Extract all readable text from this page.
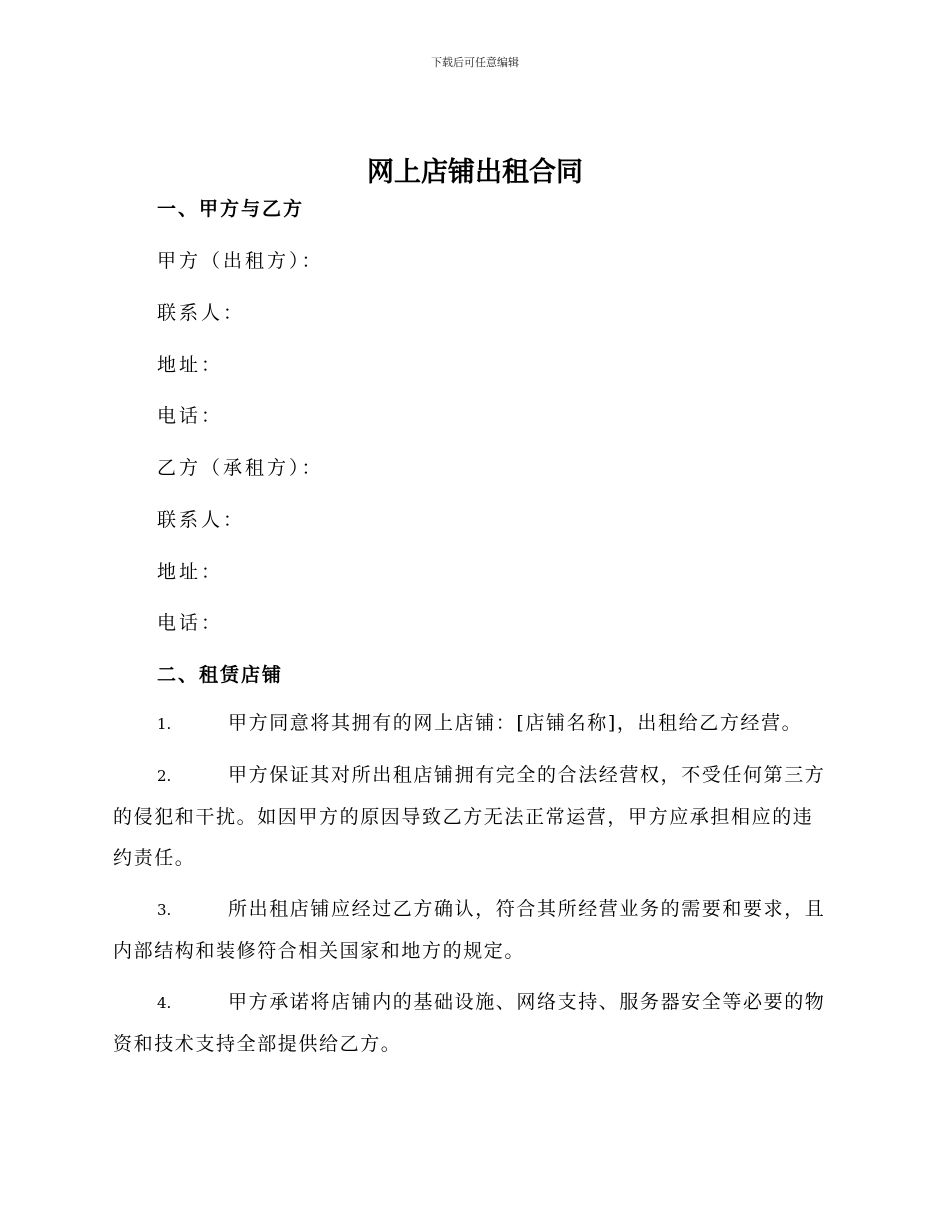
下载后可任意编辑
网上店铺出租合同
一、甲方与乙方
甲方（出租方）：
联系人：
地址：
电话：
乙方（承租方）：
联系人：
地址：
电话：
二、租赁店铺
1.	甲方同意将其拥有的网上店铺：[店铺名称]，出租给乙方经营。
2.	甲方保证其对所出租店铺拥有完全的合法经营权，不受任何第三方的侵犯和干扰。如因甲方的原因导致乙方无法正常运营，甲方应承担相应的违约责任。
3.	所出租店铺应经过乙方确认，符合其所经营业务的需要和要求，且内部结构和装修符合相关国家和地方的规定。
4.	甲方承诺将店铺内的基础设施、网络支持、服务器安全等必要的物资和技术支持全部提供给乙方。
